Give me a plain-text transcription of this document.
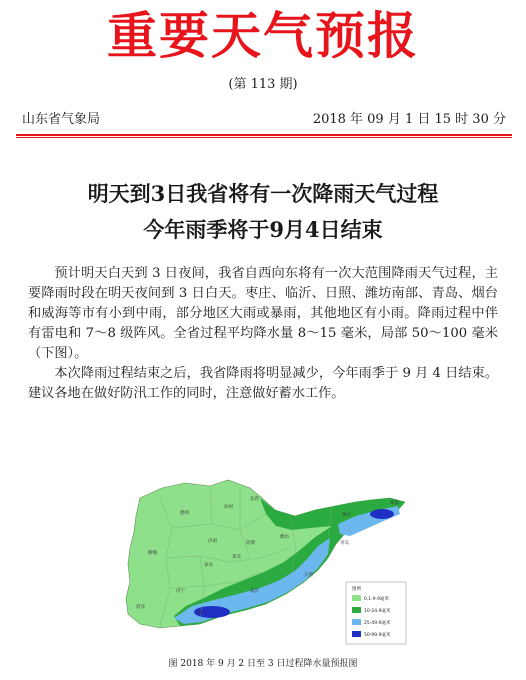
重要天气预报
(第 113 期)
山东省气象局	2018 年 09 月 1 日 15 时 30 分
明天到3日我省将有一次降雨天气过程
今年雨季将于9月4日结束

预计明天白天到 3 日夜间，我省自西向东将有一次大范围降雨天气过程，主要降雨时段在明天夜间到 3 日白天。枣庄、临沂、日照、潍坊南部、青岛、烟台和威海等市有小到中雨，部分地区大雨或暴雨，其他地区有小雨。降雨过程中伴有雷电和 7～8 级阵风。全省过程平均降水量 8～15 毫米，局部 50～100 毫米（下图）。

本次降雨过程结束之后，我省降雨将明显减少，今年雨季于 9 月 4 日结束。建议各地在做好防汛工作的同时，注意做好蓄水工作。

滨州
东营
烟台
威海
德州
潍坊
济南	淄博	青岛
聊城
泰安
莱芜
日照
菏泽
济宁	临沂
枣庄
图例
0.1-9.9毫米
10-24.9毫米
25-49.9毫米
50-99.9毫米
图 2018 年 9 月 2 日至 3 日过程降水量预报图
